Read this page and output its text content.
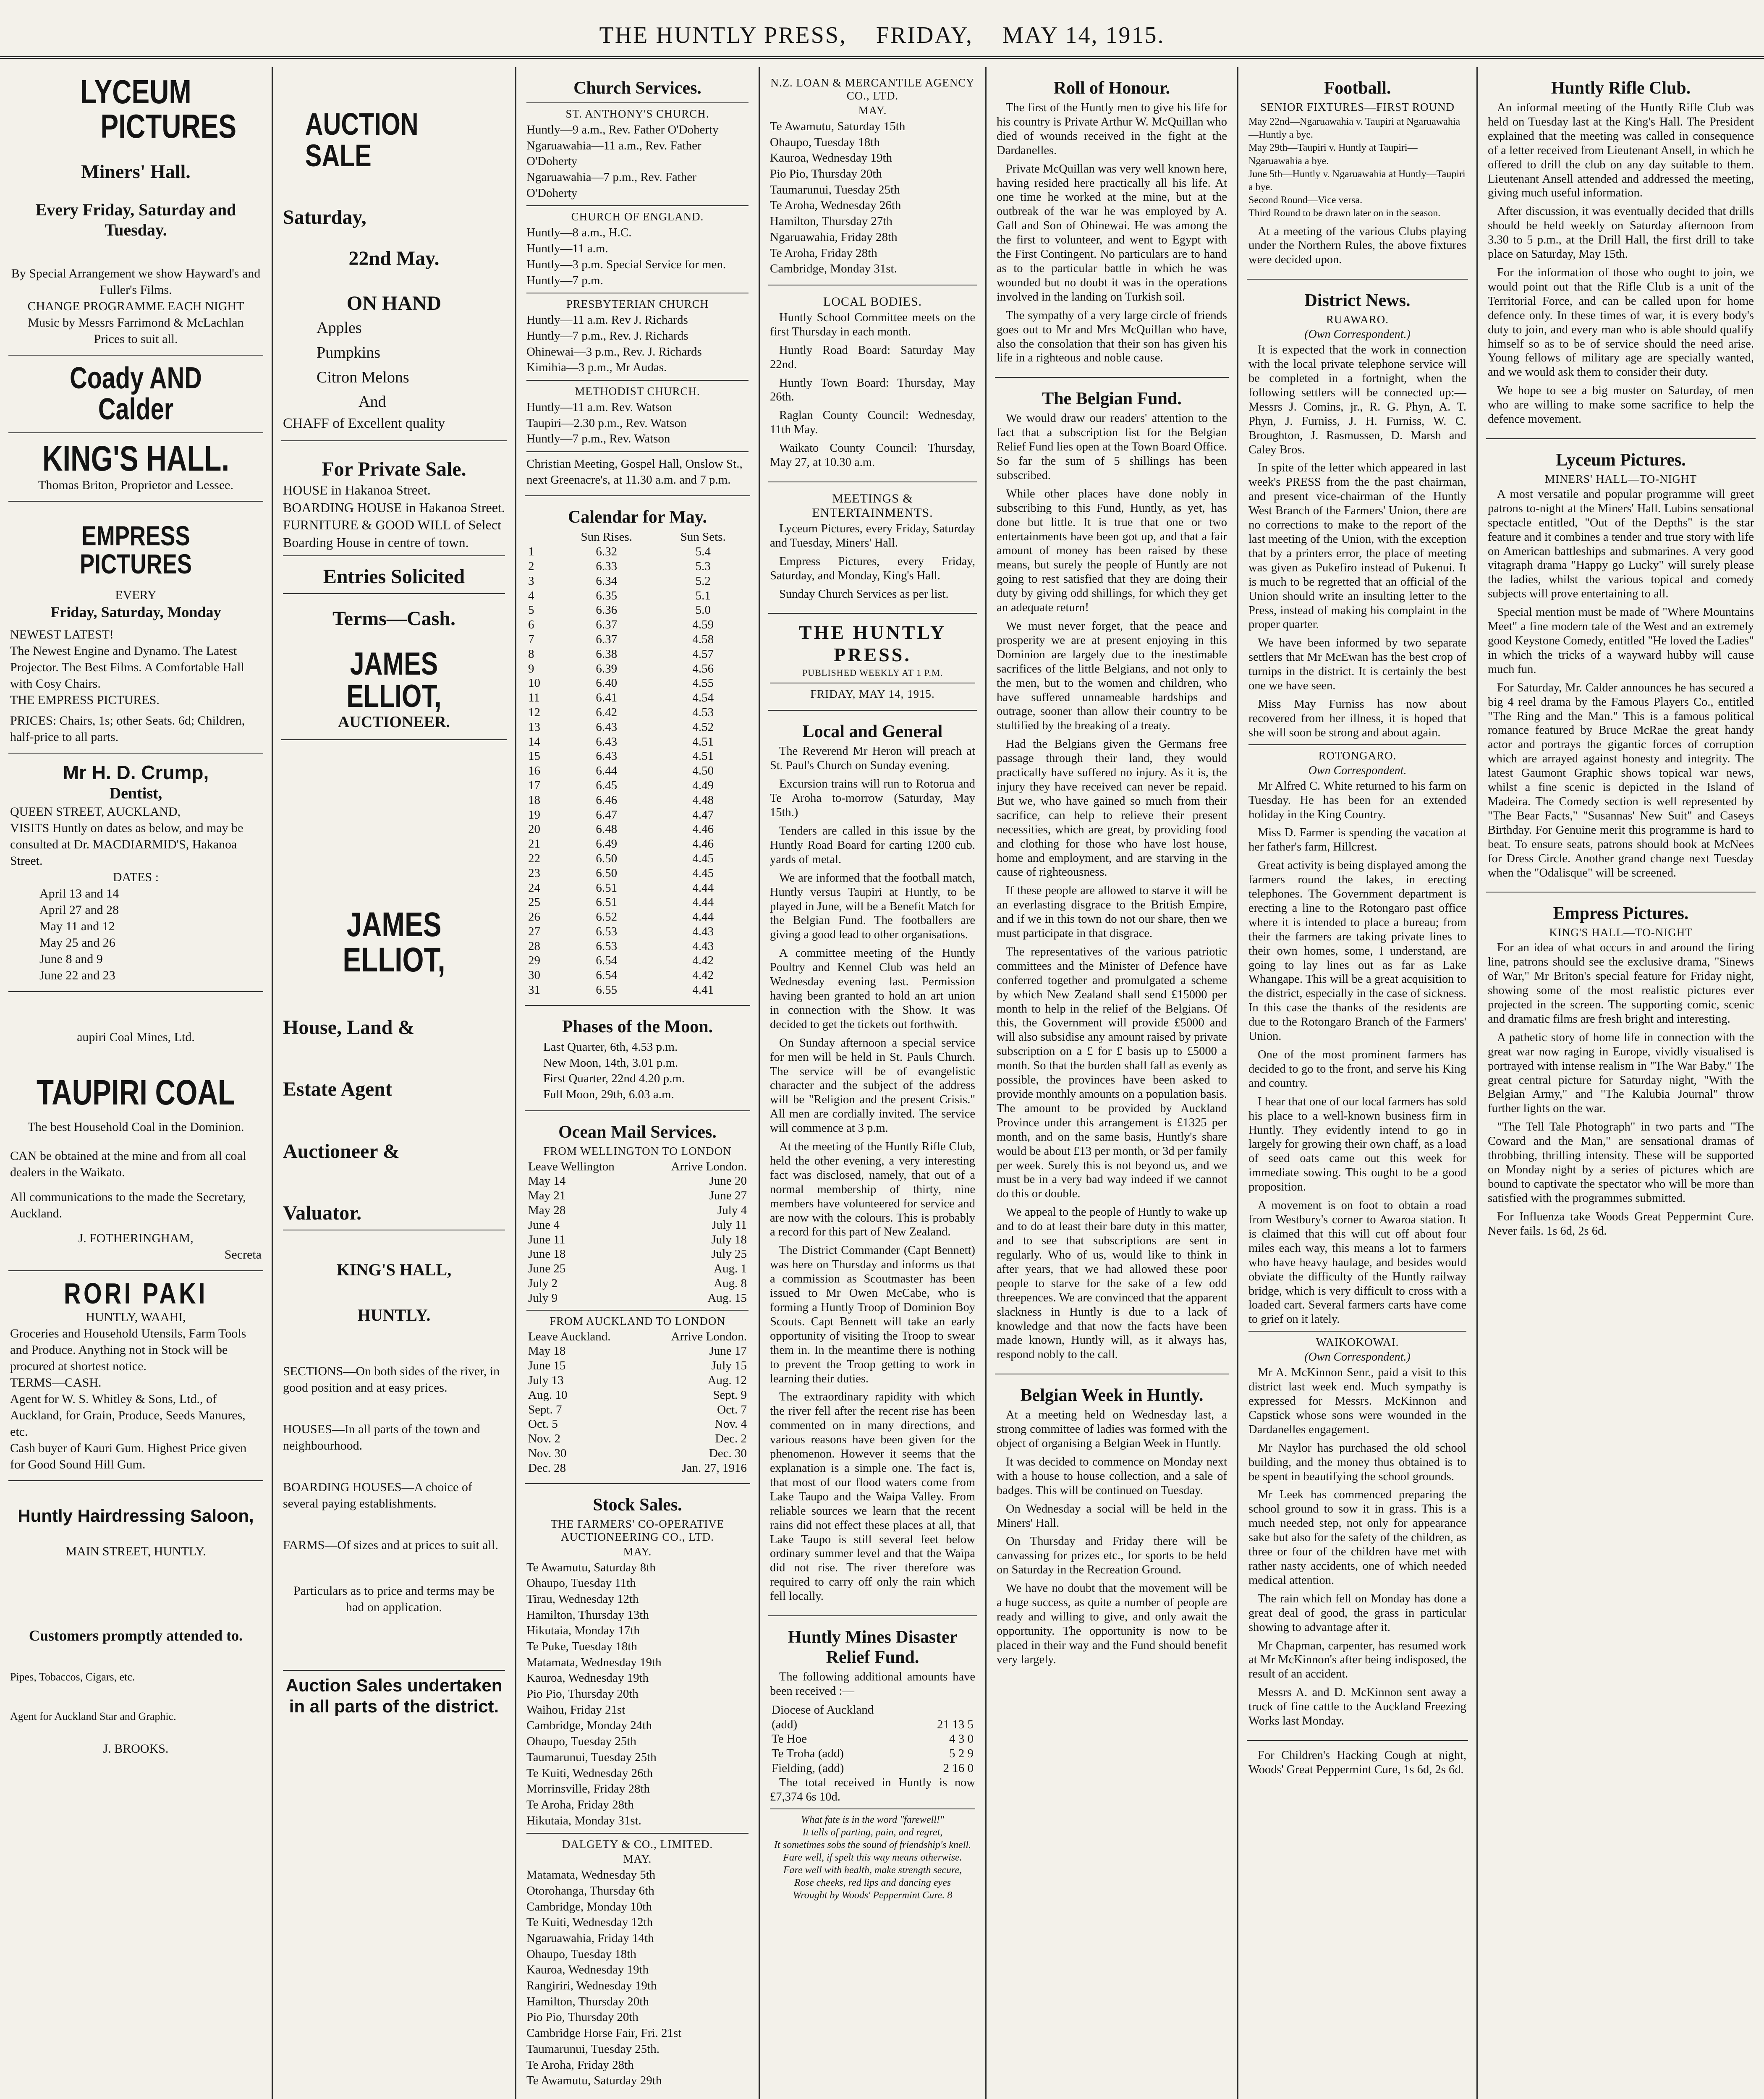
THE HUNTLY PRESS, FRIDAY, MAY 14, 1915.
LYCEUM
PICTURES
Miners' Hall.
Every Friday, Saturday and Tuesday.
By Special Arrangement we show Hayward's and Fuller's Films.
CHANGE PROGRAMME EACH NIGHT
Music by Messrs Farrimond & McLachlan
Prices to suit all.
Coady AND Calder
KING'S HALL.
Thomas Briton, Proprietor and Lessee.
EMPRESS PICTURES
EVERY
Friday, Saturday, Monday
NEWEST LATEST!
The Newest Engine and Dynamo. The Latest Projector. The Best Films. A Comfortable Hall with Cosy Chairs.
THE EMPRESS PICTURES.
PRICES: Chairs, 1s; other Seats. 6d; Children, half-price to all parts.
Mr H. D. Crump,
Dentist,
QUEEN STREET, AUCKLAND,
VISITS Huntly on dates as below, and may be consulted at Dr. MACDIARMID'S, Hakanoa Street.
DATES :
April 13 and 14
April 27 and 28
May 11 and 12
May 25 and 26
June 8 and 9
June 22 and 23
aupiri Coal Mines, Ltd.
TAUPIRI COAL
The best Household Coal in the Dominion.
CAN be obtained at the mine and from all coal dealers in the Waikato.
All communications to the made the Secretary, Auckland.
J. FOTHERINGHAM,
Secreta
RORI PAKI
HUNTLY, WAAHI,
Groceries and Household Utensils, Farm Tools and Produce. Anything not in Stock will be procured at shortest notice.
TERMS—CASH.
Agent for W. S. Whitley & Sons, Ltd., of Auckland, for Grain, Produce, Seeds Manures, etc.
Cash buyer of Kauri Gum. Highest Price given for Good Sound Hill Gum.
Huntly Hairdressing Saloon,
MAIN STREET, HUNTLY.
Customers promptly attended to.
Pipes, Tobaccos, Cigars, etc.
Agent for Auckland Star and Graphic.
J. BROOKS.
AUCTION SALE
Saturday,
22nd May.
ON HAND
Apples
Pumpkins
Citron Melons
And
CHAFF of Excellent quality
For Private Sale.
HOUSE in Hakanoa Street.
BOARDING HOUSE in Hakanoa Street.
FURNITURE & GOOD WILL of Select Boarding House in centre of town.
Entries Solicited
Terms—Cash.
JAMES ELLIOT,
AUCTIONEER.
JAMES ELLIOT,
House, Land &
Estate Agent
Auctioneer &
Valuator.
KING'S HALL,
HUNTLY.
SECTIONS—On both sides of the river, in good position and at easy prices.
HOUSES—In all parts of the town and neighbourhood.
BOARDING HOUSES—A choice of several paying establishments.
FARMS—Of sizes and at prices to suit all.
Particulars as to price and terms may be had on application.
Auction Sales undertaken in all parts of the district.
Church Services.
ST. ANTHONY'S CHURCH.
Huntly—9 a.m., Rev. Father O'Doherty
Ngaruawahia—11 a.m., Rev. Father O'Doherty
Ngaruawahia—7 p.m., Rev. Father O'Doherty
CHURCH OF ENGLAND.
Huntly—8 a.m., H.C.
Huntly—11 a.m.
Huntly—3 p.m. Special Service for men.
Huntly—7 p.m.
PRESBYTERIAN CHURCH
Huntly—11 a.m. Rev J. Richards
Huntly—7 p.m., Rev. J. Richards
Ohinewai—3 p.m., Rev. J. Richards
Kimihia—3 p.m., Mr Audas.
METHODIST CHURCH.
Huntly—11 a.m. Rev. Watson
Taupiri—2.30 p.m., Rev. Watson
Huntly—7 p.m., Rev. Watson
Christian Meeting, Gospel Hall, Onslow St., next Greenacre's, at 11.30 a.m. and 7 p.m.
Calendar for May.
	Sun Rises.	Sun Sets.
1	6.32	5.4
2	6.33	5.3
3	6.34	5.2
4	6.35	5.1
5	6.36	5.0
6	6.37	4.59
7	6.37	4.58
8	6.38	4.57
9	6.39	4.56
10	6.40	4.55
11	6.41	4.54
12	6.42	4.53
13	6.43	4.52
14	6.43	4.51
15	6.43	4.51
16	6.44	4.50
17	6.45	4.49
18	6.46	4.48
19	6.47	4.47
20	6.48	4.46
21	6.49	4.46
22	6.50	4.45
23	6.50	4.45
24	6.51	4.44
25	6.51	4.44
26	6.52	4.44
27	6.53	4.43
28	6.53	4.43
29	6.54	4.42
30	6.54	4.42
31	6.55	4.41
Phases of the Moon.
Last Quarter, 6th, 4.53 p.m.
New Moon, 14th, 3.01 p.m.
First Quarter, 22nd 4.20 p.m.
Full Moon, 29th, 6.03 a.m.
Ocean Mail Services.
FROM WELLINGTON TO LONDON
Leave Wellington	Arrive London.
May 14	June 20
May 21	June 27
May 28	July 4
June 4	July 11
June 11	July 18
June 18	July 25
June 25	Aug. 1
July 2	Aug. 8
July 9	Aug. 15
FROM AUCKLAND TO LONDON
Leave Auckland.	Arrive London.
May 18	June 17
June 15	July 15
July 13	Aug. 12
Aug. 10	Sept. 9
Sept. 7	Oct. 7
Oct. 5	Nov. 4
Nov. 2	Dec. 2
Nov. 30	Dec. 30
Dec. 28	Jan. 27, 1916
Stock Sales.
THE FARMERS' CO-OPERATIVE AUCTIONEERING CO., LTD.
MAY.
Te Awamutu, Saturday 8th
Ohaupo, Tuesday 11th
Tirau, Wednesday 12th
Hamilton, Thursday 13th
Hikutaia, Monday 17th
Te Puke, Tuesday 18th
Matamata, Wednesday 19th
Kauroa, Wednesday 19th
Pio Pio, Thursday 20th
Waihou, Friday 21st
Cambridge, Monday 24th
Ohaupo, Tuesday 25th
Taumarunui, Tuesday 25th
Te Kuiti, Wednesday 26th
Morrinsville, Friday 28th
Te Aroha, Friday 28th
Hikutaia, Monday 31st.
DALGETY & CO., LIMITED.
MAY.
Matamata, Wednesday 5th
Otorohanga, Thursday 6th
Cambridge, Monday 10th
Te Kuiti, Wednesday 12th
Ngaruawahia, Friday 14th
Ohaupo, Tuesday 18th
Kauroa, Wednesday 19th
Rangiriri, Wednesday 19th
Hamilton, Thursday 20th
Pio Pio, Thursday 20th
Cambridge Horse Fair, Fri. 21st
Taumarunui, Tuesday 25th.
Te Aroha, Friday 28th
Te Awamutu, Saturday 29th
N.Z. LOAN & MERCANTILE AGENCY CO., LTD.
MAY.
Te Awamutu, Saturday 15th
Ohaupo, Tuesday 18th
Kauroa, Wednesday 19th
Pio Pio, Thursday 20th
Taumarunui, Tuesday 25th
Te Aroha, Wednesday 26th
Hamilton, Thursday 27th
Ngaruawahia, Friday 28th
Te Aroha, Friday 28th
Cambridge, Monday 31st.
LOCAL BODIES.
Huntly School Committee meets on the first Thursday in each month.
Huntly Road Board: Saturday May 22nd.
Huntly Town Board: Thursday, May 26th.
Raglan County Council: Wednesday, 11th May.
Waikato County Council: Thursday, May 27, at 10.30 a.m.
MEETINGS & ENTERTAINMENTS.
Lyceum Pictures, every Friday, Saturday and Tuesday, Miners' Hall.
Empress Pictures, every Friday, Saturday, and Monday, King's Hall.
Sunday Church Services as per list.
THE HUNTLY PRESS.
PUBLISHED WEEKLY AT 1 P.M.
FRIDAY, MAY 14, 1915.
Local and General
The Reverend Mr Heron will preach at St. Paul's Church on Sunday evening.
Excursion trains will run to Rotorua and Te Aroha to-morrow (Saturday, May 15th.)
Tenders are called in this issue by the Huntly Road Board for carting 1200 cub. yards of metal.
We are informed that the football match, Huntly versus Taupiri at Huntly, to be played in June, will be a Benefit Match for the Belgian Fund. The footballers are giving a good lead to other organisations.
A committee meeting of the Huntly Poultry and Kennel Club was held an Wednesday evening last. Permission having been granted to hold an art union in connection with the Show. It was decided to get the tickets out forthwith.
On Sunday afternoon a special service for men will be held in St. Pauls Church. The service will be of evangelistic character and the subject of the address will be "Religion and the present Crisis." All men are cordially invited. The service will commence at 3 p.m.
At the meeting of the Huntly Rifle Club, held the other evening, a very interesting fact was disclosed, namely, that out of a normal membership of thirty, nine members have volunteered for service and are now with the colours. This is probably a record for this part of New Zealand.
The District Commander (Capt Bennett) was here on Thursday and informs us that a commission as Scoutmaster has been issued to Mr Owen McCabe, who is forming a Huntly Troop of Dominion Boy Scouts. Capt Bennett will take an early opportunity of visiting the Troop to swear them in. In the meantime there is nothing to prevent the Troop getting to work in learning their duties.
The extraordinary rapidity with which the river fell after the recent rise has been commented on in many directions, and various reasons have been given for the phenomenon. However it seems that the explanation is a simple one. The fact is, that most of our flood waters come from Lake Taupo and the Waipa Valley. From reliable sources we learn that the recent rains did not effect these places at all, that Lake Taupo is still several feet below ordinary summer level and that the Waipa did not rise. The river therefore was required to carry off only the rain which fell locally.
Huntly Mines Disaster Relief Fund.
The following additional amounts have been received :—
Diocese of Auckland	
(add)	21 13 5
Te Hoe	4 3 0
Te Troha (add)	5 2 9
Fielding, (add)	2 16 0
The total received in Huntly is now £7,374 6s 10d.
What fate is in the word "farewell!"
It tells of parting, pain, and regret,
It sometimes sobs the sound of friendship's knell.
Fare well, if spelt this way means otherwise.
Fare well with health, make strength secure,
Rose cheeks, red lips and dancing eyes
Wrought by Woods' Peppermint Cure. 8
Roll of Honour.
The first of the Huntly men to give his life for his country is Private Arthur W. McQuillan who died of wounds received in the fight at the Dardanelles.
Private McQuillan was very well known here, having resided here practically all his life. At one time he worked at the mine, but at the outbreak of the war he was employed by A. Gall and Son of Ohinewai. He was among the the first to volunteer, and went to Egypt with the First Contingent. No particulars are to hand as to the particular battle in which he was wounded but no doubt it was in the operations involved in the landing on Turkish soil.
The sympathy of a very large circle of friends goes out to Mr and Mrs McQuillan who have, also the consolation that their son has given his life in a righteous and noble cause.
The Belgian Fund.
We would draw our readers' attention to the fact that a subscription list for the Belgian Relief Fund lies open at the Town Board Office. So far the sum of 5 shillings has been subscribed.
While other places have done nobly in subscribing to this Fund, Huntly, as yet, has done but little. It is true that one or two entertainments have been got up, and that a fair amount of money has been raised by these means, but surely the people of Huntly are not going to rest satisfied that they are doing their duty by giving odd shillings, for which they get an adequate return!
We must never forget, that the peace and prosperity we are at present enjoying in this Dominion are largely due to the inestimable sacrifices of the little Belgians, and not only to the men, but to the women and children, who have suffered unnameable hardships and outrage, sooner than allow their country to be stultified by the breaking of a treaty.
Had the Belgians given the Germans free passage through their land, they would practically have suffered no injury. As it is, the injury they have received can never be repaid. But we, who have gained so much from their sacrifice, can help to relieve their present necessities, which are great, by providing food and clothing for those who have lost house, home and employment, and are starving in the cause of righteousness.
If these people are allowed to starve it will be an everlasting disgrace to the British Empire, and if we in this town do not our share, then we must participate in that disgrace.
The representatives of the various patriotic committees and the Minister of Defence have conferred together and promulgated a scheme by which New Zealand shall send £15000 per month to help in the relief of the Belgians. Of this, the Government will provide £5000 and will also subsidise any amount raised by private subscription on a £ for £ basis up to £5000 a month. So that the burden shall fall as evenly as possible, the provinces have been asked to provide monthly amounts on a population basis. The amount to be provided by Auckland Province under this arrangement is £1325 per month, and on the same basis, Huntly's share would be about £13 per month, or 3d per family per week. Surely this is not beyond us, and we must be in a very bad way indeed if we cannot do this or double.
We appeal to the people of Huntly to wake up and to do at least their bare duty in this matter, and to see that subscriptions are sent in regularly. Who of us, would like to think in after years, that we had allowed these poor people to starve for the sake of a few odd threepences. We are convinced that the apparent slackness in Huntly is due to a lack of knowledge and that now the facts have been made known, Huntly will, as it always has, respond nobly to the call.
Belgian Week in Huntly.
At a meeting held on Wednesday last, a strong committee of ladies was formed with the object of organising a Belgian Week in Huntly.
It was decided to commence on Monday next with a house to house collection, and a sale of badges. This will be continued on Tuesday.
On Wednesday a social will be held in the Miners' Hall.
On Thursday and Friday there will be canvassing for prizes etc., for sports to be held on Saturday in the Recreation Ground.
We have no doubt that the movement will be a huge success, as quite a number of people are ready and willing to give, and only await the opportunity. The opportunity is now to be placed in their way and the Fund should benefit very largely.
Football.
SENIOR FIXTURES—FIRST ROUND
May 22nd—Ngaruawahia v. Taupiri at Ngaruawahia—Huntly a bye.
May 29th—Taupiri v. Huntly at Taupiri—Ngaruawahia a bye.
June 5th—Huntly v. Ngaruawahia at Huntly—Taupiri a bye.
Second Round—Vice versa.
Third Round to be drawn later on in the season.
At a meeting of the various Clubs playing under the Northern Rules, the above fixtures were decided upon.
District News.
RUAWARO.
(Own Correspondent.)
It is expected that the work in connection with the local private telephone service will be completed in a fortnight, when the following settlers will be connected up:—Messrs J. Comins, jr., R. G. Phyn, A. T. Phyn, J. Furniss, J. H. Furniss, W. C. Broughton, J. Rasmussen, D. Marsh and Caley Bros.
In spite of the letter which appeared in last week's PRESS from the the past chairman, and present vice-chairman of the Huntly West Branch of the Farmers' Union, there are no corrections to make to the report of the last meeting of the Union, with the exception that by a printers error, the place of meeting was given as Pukefiro instead of Pukenui. It is much to be regretted that an official of the Union should write an insulting letter to the Press, instead of making his complaint in the proper quarter.
We have been informed by two separate settlers that Mr McEwan has the best crop of turnips in the district. It is certainly the best one we have seen.
Miss May Furniss has now about recovered from her illness, it is hoped that she will soon be strong and about again.
ROTONGARO.
Own Correspondent.
Mr Alfred C. White returned to his farm on Tuesday. He has been for an extended holiday in the King Country.
Miss D. Farmer is spending the vacation at her father's farm, Hillcrest.
Great activity is being displayed among the farmers round the lakes, in erecting telephones. The Government department is erecting a line to the Rotongaro past office where it is intended to place a bureau; from their the farmers are taking private lines to their own homes, some, I understand, are going to lay lines out as far as Lake Whangape. This will be a great acquisition to the district, especially in the case of sickness. In this case the thanks of the residents are due to the Rotongaro Branch of the Farmers' Union.
One of the most prominent farmers has decided to go to the front, and serve his King and country.
I hear that one of our local farmers has sold his place to a well-known business firm in Huntly. They evidently intend to go in largely for growing their own chaff, as a load of seed oats came out this week for immediate sowing. This ought to be a good proposition.
A movement is on foot to obtain a road from Westbury's corner to Awaroa station. It is claimed that this will cut off about four miles each way, this means a lot to farmers who have heavy haulage, and besides would obviate the difficulty of the Huntly railway bridge, which is very difficult to cross with a loaded cart. Several farmers carts have come to grief on it lately.
WAIKOKOWAI.
(Own Correspondent.)
Mr A. McKinnon Senr., paid a visit to this district last week end. Much sympathy is expressed for Messrs. McKinnon and Capstick whose sons were wounded in the Dardanelles engagement.
Mr Naylor has purchased the old school building, and the money thus obtained is to be spent in beautifying the school grounds.
Mr Leek has commenced preparing the school ground to sow it in grass. This is a much needed step, not only for appearance sake but also for the safety of the children, as three or four of the children have met with rather nasty accidents, one of which needed medical attention.
The rain which fell on Monday has done a great deal of good, the grass in particular showing to advantage after it.
Mr Chapman, carpenter, has resumed work at Mr McKinnon's after being indisposed, the result of an accident.
Messrs A. and D. McKinnon sent away a truck of fine cattle to the Auckland Freezing Works last Monday.
For Children's Hacking Cough at night, Woods' Great Peppermint Cure, 1s 6d, 2s 6d.
Huntly Rifle Club.
An informal meeting of the Huntly Rifle Club was held on Tuesday last at the King's Hall. The President explained that the meeting was called in consequence of a letter received from Lieutenant Ansell, in which he offered to drill the club on any day suitable to them. Lieutenant Ansell attended and addressed the meeting, giving much useful information.
After discussion, it was eventually decided that drills should be held weekly on Saturday afternoon from 3.30 to 5 p.m., at the Drill Hall, the first drill to take place on Saturday, May 15th.
For the information of those who ought to join, we would point out that the Rifle Club is a unit of the Territorial Force, and can be called upon for home defence only. In these times of war, it is every body's duty to join, and every man who is able should qualify himself so as to be of service should the need arise. Young fellows of military age are specially wanted, and we would ask them to consider their duty.
We hope to see a big muster on Saturday, of men who are willing to make some sacrifice to help the defence movement.
Lyceum Pictures.
MINERS' HALL—TO-NIGHT
A most versatile and popular programme will greet patrons to-night at the Miners' Hall. Lubins sensational spectacle entitled, "Out of the Depths" is the star feature and it combines a tender and true story with life on American battleships and submarines. A very good vitagraph drama "Happy go Lucky" will surely please the ladies, whilst the various topical and comedy subjects will prove entertaining to all.
Special mention must be made of "Where Mountains Meet" a fine modern tale of the West and an extremely good Keystone Comedy, entitled "He loved the Ladies" in which the tricks of a wayward hubby will cause much fun.
For Saturday, Mr. Calder announces he has secured a big 4 reel drama by the Famous Players Co., entitled "The Ring and the Man." This is a famous political romance featured by Bruce McRae the great handy actor and portrays the gigantic forces of corruption which are arrayed against honesty and integrity. The latest Gaumont Graphic shows topical war news, whilst a fine scenic is depicted in the Island of Madeira. The Comedy section is well represented by "The Bear Facts," "Susannas' New Suit" and Caseys Birthday. For Genuine merit this programme is hard to beat. To ensure seats, patrons should book at McNees for Dress Circle. Another grand change next Tuesday when the "Odalisque" will be screened.
Empress Pictures.
KING'S HALL—TO-NIGHT
For an idea of what occurs in and around the firing line, patrons should see the exclusive drama, "Sinews of War," Mr Briton's special feature for Friday night, showing some of the most realistic pictures ever projected in the screen. The supporting comic, scenic and dramatic films are fresh bright and interesting.
A pathetic story of home life in connection with the great war now raging in Europe, vividly visualised is portrayed with intense realism in "The War Baby." The great central picture for Saturday night, "With the Belgian Army," and "The Kalubia Journal" throw further lights on the war.
"The Tell Tale Photograph" in two parts and "The Coward and the Man," are sensational dramas of throbbing, thrilling intensity. These will be supported on Monday night by a series of pictures which are bound to captivate the spectator who will be more than satisfied with the programmes submitted.
For Influenza take Woods Great Peppermint Cure. Never fails. 1s 6d, 2s 6d.
